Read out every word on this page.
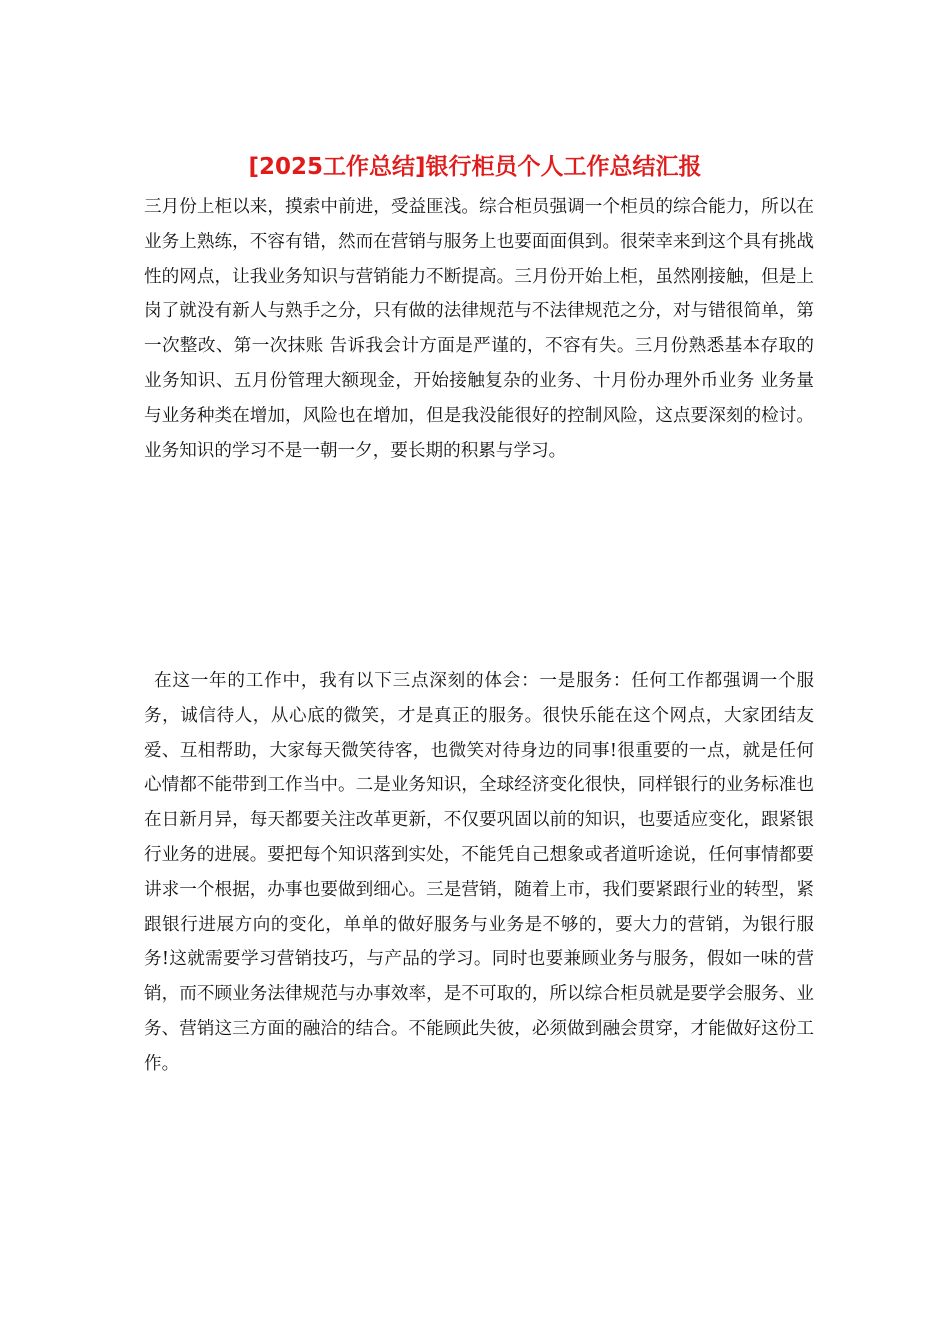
[2025工作总结]银行柜员个人工作总结汇报

三月份上柜以来，摸索中前进，受益匪浅。综合柜员强调一个柜员的综合能力，所以在业务上熟练，不容有错，然而在营销与服务上也要面面俱到。很荣幸来到这个具有挑战性的网点，让我业务知识与营销能力不断提高。三月份开始上柜，虽然刚接触，但是上岗了就没有新人与熟手之分，只有做的法律规范与不法律规范之分，对与错很简单，第一次整改、第一次抹账 告诉我会计方面是严谨的，不容有失。三月份熟悉基本存取的业务知识、五月份管理大额现金，开始接触复杂的业务、十月份办理外币业务 业务量与业务种类在增加，风险也在增加，但是我没能很好的控制风险，这点要深刻的检讨。业务知识的学习不是一朝一夕，要长期的积累与学习。

在这一年的工作中，我有以下三点深刻的体会：一是服务：任何工作都强调一个服务，诚信待人，从心底的微笑，才是真正的服务。很快乐能在这个网点，大家团结友爱、互相帮助，大家每天微笑待客，也微笑对待身边的同事!很重要的一点，就是任何心情都不能带到工作当中。二是业务知识，全球经济变化很快，同样银行的业务标准也在日新月异，每天都要关注改革更新，不仅要巩固以前的知识，也要适应变化，跟紧银行业务的进展。要把每个知识落到实处，不能凭自己想象或者道听途说，任何事情都要讲求一个根据，办事也要做到细心。三是营销，随着上市，我们要紧跟行业的转型，紧跟银行进展方向的变化，单单的做好服务与业务是不够的，要大力的营销，为银行服务!这就需要学习营销技巧，与产品的学习。同时也要兼顾业务与服务，假如一味的营销，而不顾业务法律规范与办事效率，是不可取的，所以综合柜员就是要学会服务、业务、营销这三方面的融洽的结合。不能顾此失彼，必须做到融会贯穿，才能做好这份工作。
